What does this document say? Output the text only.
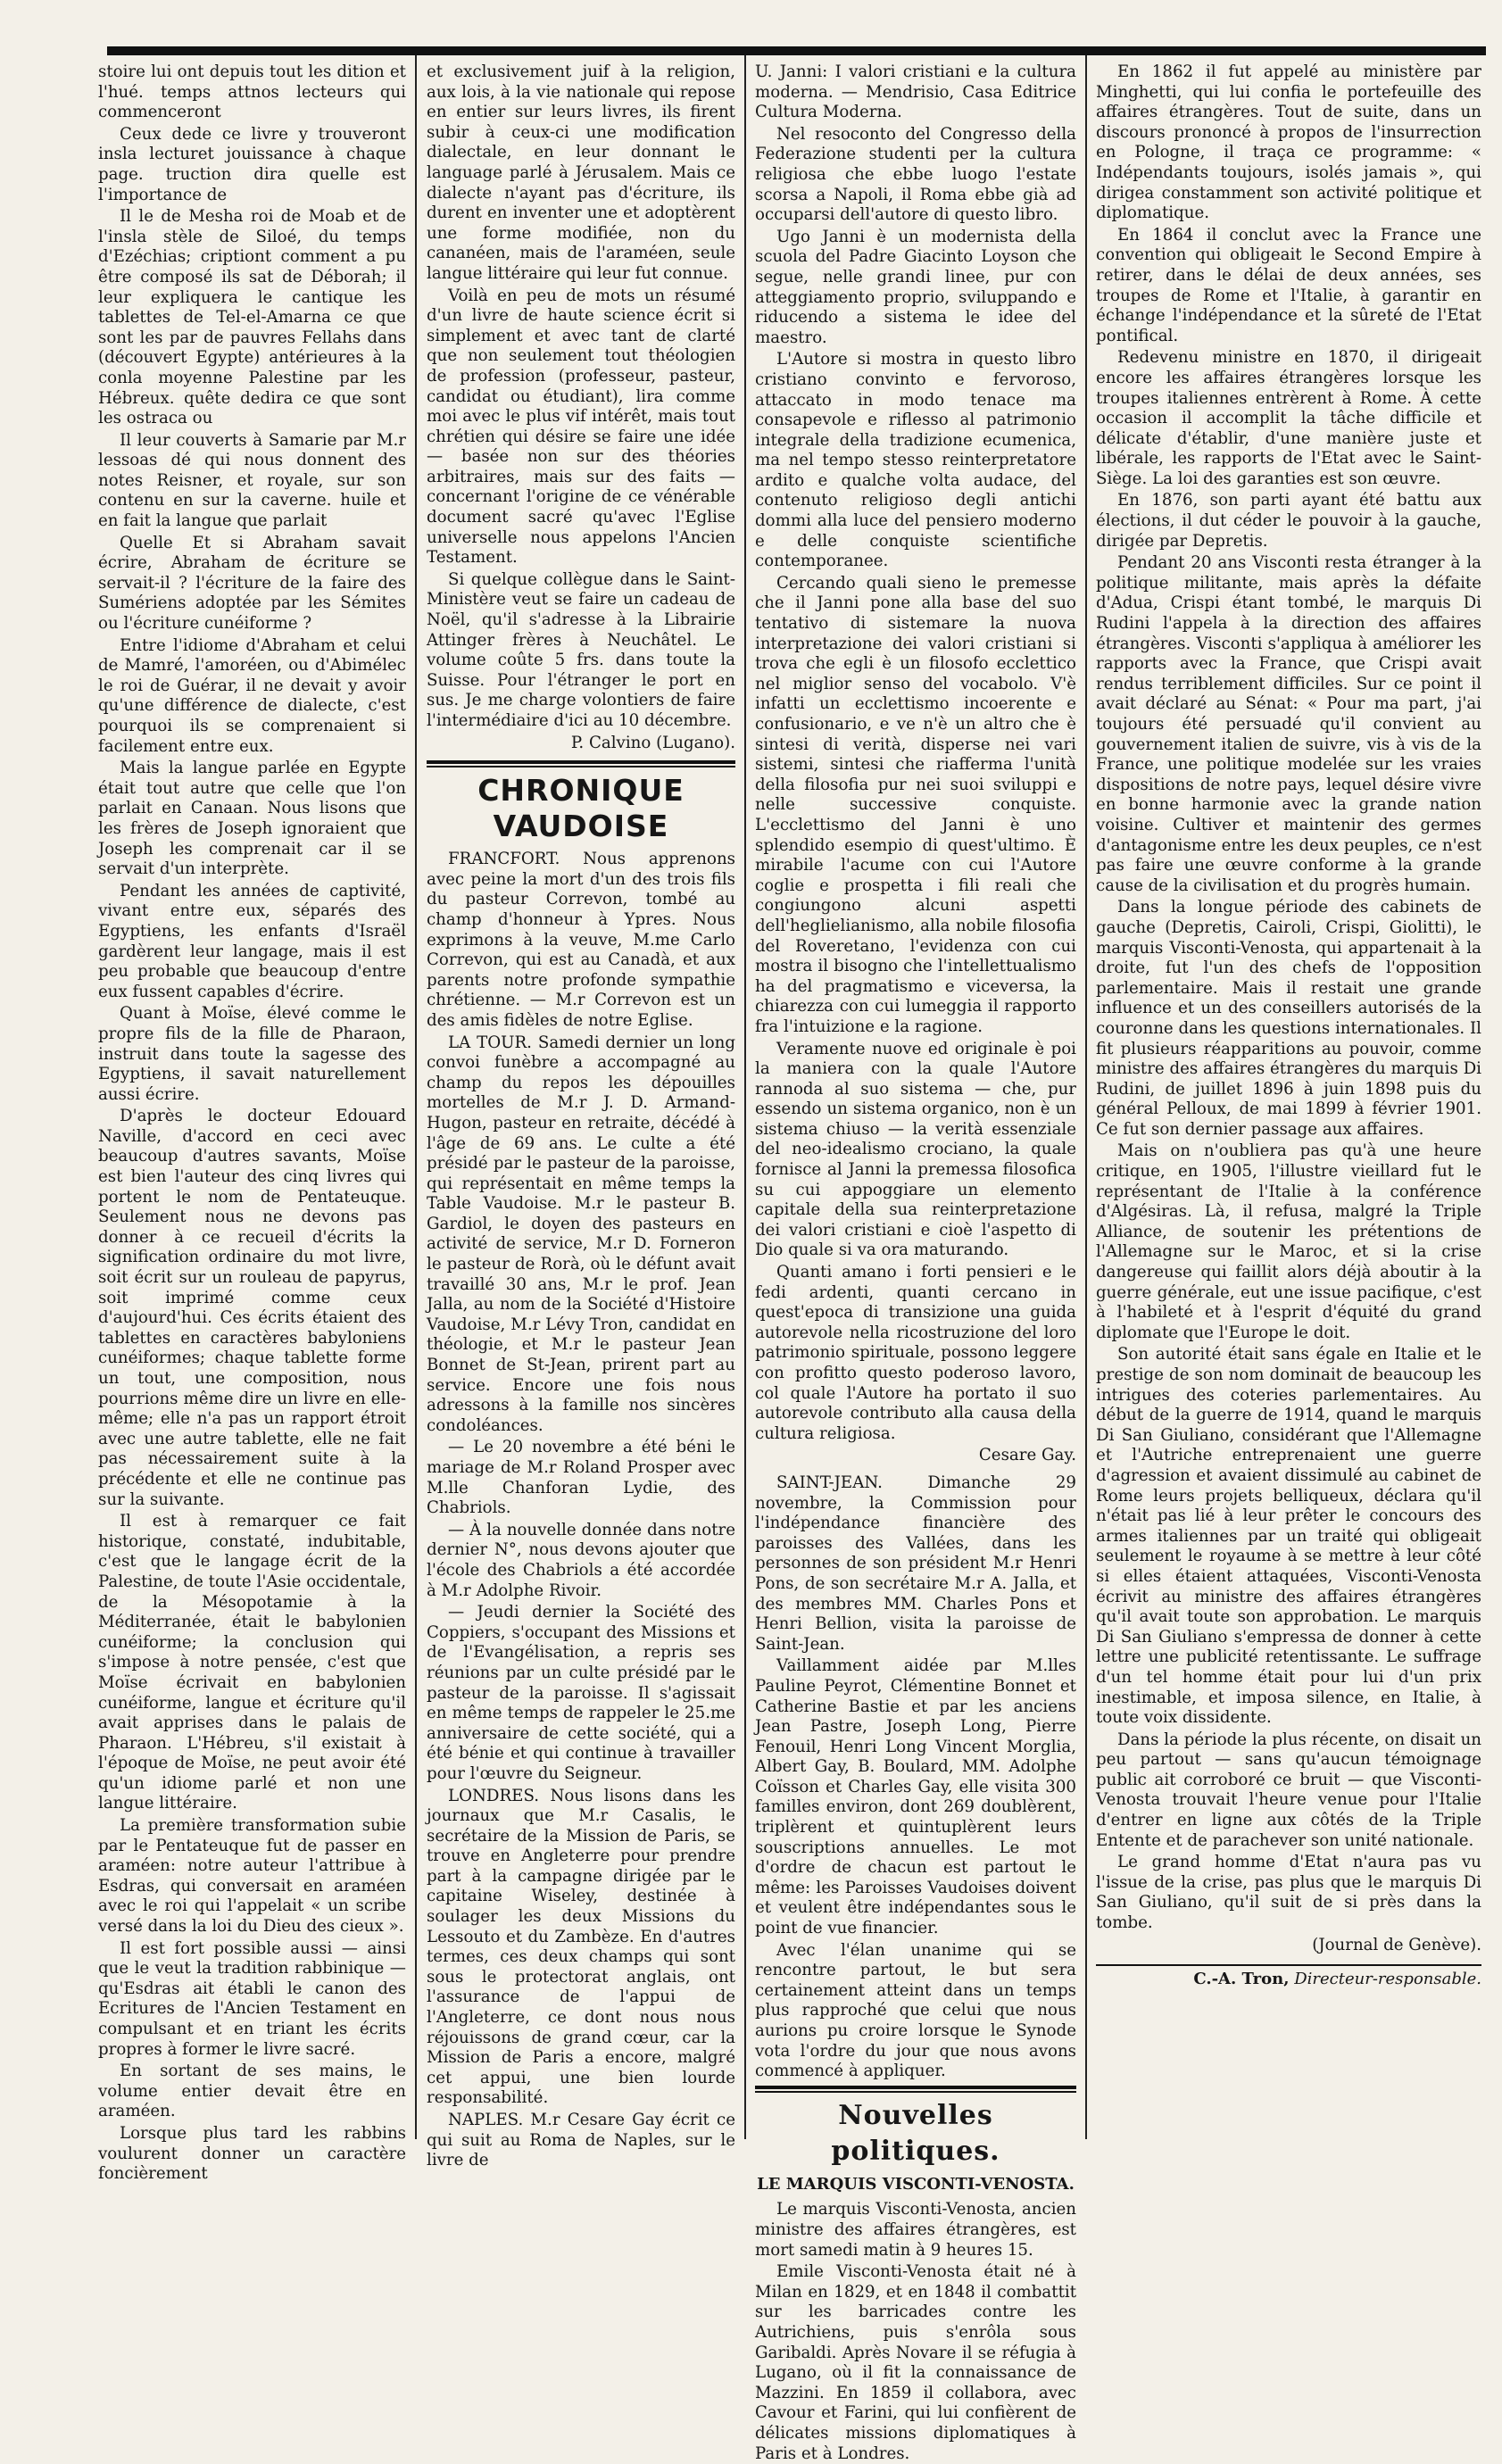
stoire lui ont depuis tout les dition et l'hué. temps attnos lecteurs qui commenceront

Ceux dede ce livre y trouveront insla lecturet jouissance à chaque page. truction dira quelle est l'importance de

Il le de Mesha roi de Moab et de l'insla stèle de Siloé, du temps d'Ezéchias; criptiont comment a pu être composé ils sat de Déborah; il leur expliquera le cantique les tablettes de Tel-el-Amarna ce que sont les par de pauvres Fellahs dans (découvert Egypte) antérieures à la conla moyenne Palestine par les Hébreux. quête dedira ce que sont les ostraca ou

Il leur couverts à Samarie par M.r lessoas dé qui nous donnent des notes Reisner, et royale, sur son contenu en sur la caverne. huile et en fait la langue que parlait

Quelle Et si Abraham savait écrire, Abraham de écriture se servait-il ? l'écriture de la faire des Sumériens adoptée par les Sémites ou l'écriture cunéiforme ?

Entre l'idiome d'Abraham et celui de Mamré, l'amoréen, ou d'Abimélec le roi de Guérar, il ne devait y avoir qu'une différence de dialecte, c'est pourquoi ils se comprenaient si facilement entre eux.

Mais la langue parlée en Egypte était tout autre que celle que l'on parlait en Canaan. Nous lisons que les frères de Joseph ignoraient que Joseph les comprenait car il se servait d'un interprète.

Pendant les années de captivité, vivant entre eux, séparés des Egyptiens, les enfants d'Israël gardèrent leur langage, mais il est peu probable que beaucoup d'entre eux fussent capables d'écrire.

Quant à Moïse, élevé comme le propre fils de la fille de Pharaon, instruit dans toute la sagesse des Egyptiens, il savait naturellement aussi écrire.

D'après le docteur Edouard Naville, d'accord en ceci avec beaucoup d'autres savants, Moïse est bien l'auteur des cinq livres qui portent le nom de Pentateuque. Seulement nous ne devons pas donner à ce recueil d'écrits la signification ordinaire du mot livre, soit écrit sur un rouleau de papyrus, soit imprimé comme ceux d'aujourd'hui. Ces écrits étaient des tablettes en caractères babyloniens cunéiformes; chaque tablette forme un tout, une composition, nous pourrions même dire un livre en elle-même; elle n'a pas un rapport étroit avec une autre tablette, elle ne fait pas nécessairement suite à la précédente et elle ne continue pas sur la suivante.

Il est à remarquer ce fait historique, constaté, indubitable, c'est que le langage écrit de la Palestine, de toute l'Asie occidentale, de la Mésopotamie à la Méditerranée, était le babylonien cunéiforme; la conclusion qui s'impose à notre pensée, c'est que Moïse écrivait en babylonien cunéiforme, langue et écriture qu'il avait apprises dans le palais de Pharaon. L'Hébreu, s'il existait à l'époque de Moïse, ne peut avoir été qu'un idiome parlé et non une langue littéraire.

La première transformation subie par le Pentateuque fut de passer en araméen: notre auteur l'attribue à Esdras, qui conversait en araméen avec le roi qui l'appelait « un scribe versé dans la loi du Dieu des cieux ».

Il est fort possible aussi — ainsi que le veut la tradition rabbinique — qu'Esdras ait établi le canon des Ecritures de l'Ancien Testament en compulsant et en triant les écrits propres à former le livre sacré.

En sortant de ses mains, le volume entier devait être en araméen.

Lorsque plus tard les rabbins voulurent donner un caractère foncièrement

et exclusivement juif à la religion, aux lois, à la vie nationale qui repose en entier sur leurs livres, ils firent subir à ceux-ci une modification dialectale, en leur donnant le language parlé à Jérusalem. Mais ce dialecte n'ayant pas d'écriture, ils durent en inventer une et adoptèrent une forme modifiée, non du cananéen, mais de l'araméen, seule langue littéraire qui leur fut connue.

Voilà en peu de mots un résumé d'un livre de haute science écrit si simplement et avec tant de clarté que non seulement tout théologien de profession (professeur, pasteur, candidat ou étudiant), lira comme moi avec le plus vif intérêt, mais tout chrétien qui désire se faire une idée — basée non sur des théories arbitraires, mais sur des faits — concernant l'origine de ce vénérable document sacré qu'avec l'Eglise universelle nous appelons l'Ancien Testament.

Si quelque collègue dans le Saint-Ministère veut se faire un cadeau de Noël, qu'il s'adresse à la Librairie Attinger frères à Neuchâtel. Le volume coûte 5 frs. dans toute la Suisse. Pour l'étranger le port en sus. Je me charge volontiers de faire l'intermédiaire d'ici au 10 décembre.

P. Calvino (Lugano).

CHRONIQUE VAUDOISE

FRANCFORT. Nous apprenons avec peine la mort d'un des trois fils du pasteur Correvon, tombé au champ d'honneur à Ypres. Nous exprimons à la veuve, M.me Carlo Correvon, qui est au Canadà, et aux parents notre profonde sympathie chrétienne. — M.r Correvon est un des amis fidèles de notre Eglise.

LA TOUR. Samedi dernier un long convoi funèbre a accompagné au champ du repos les dépouilles mortelles de M.r J. D. Armand-Hugon, pasteur en retraite, décédé à l'âge de 69 ans. Le culte a été présidé par le pasteur de la paroisse, qui représentait en même temps la Table Vaudoise. M.r le pasteur B. Gardiol, le doyen des pasteurs en activité de service, M.r D. Forneron le pasteur de Rorà, où le défunt avait travaillé 30 ans, M.r le prof. Jean Jalla, au nom de la Société d'Histoire Vaudoise, M.r Lévy Tron, candidat en théologie, et M.r le pasteur Jean Bonnet de St-Jean, prirent part au service. Encore une fois nous adressons à la famille nos sincères condoléances.

— Le 20 novembre a été béni le mariage de M.r Roland Prosper avec M.lle Chanforan Lydie, des Chabriols.

— À la nouvelle donnée dans notre dernier N°, nous devons ajouter que l'école des Chabriols a été accordée à M.r Adolphe Rivoir.

— Jeudi dernier la Société des Coppiers, s'occupant des Missions et de l'Evangélisation, a repris ses réunions par un culte présidé par le pasteur de la paroisse. Il s'agissait en même temps de rappeler le 25.me anniversaire de cette société, qui a été bénie et qui continue à travailler pour l'œuvre du Seigneur.

LONDRES. Nous lisons dans les journaux que M.r Casalis, le secrétaire de la Mission de Paris, se trouve en Angleterre pour prendre part à la campagne dirigée par le capitaine Wiseley, destinée à soulager les deux Missions du Lessouto et du Zambèze. En d'autres termes, ces deux champs qui sont sous le protectorat anglais, ont l'assurance de l'appui de l'Angleterre, ce dont nous nous réjouissons de grand cœur, car la Mission de Paris a encore, malgré cet appui, une bien lourde responsabilité.

NAPLES. M.r Cesare Gay écrit ce qui suit au Roma de Naples, sur le livre de

U. Janni: I valori cristiani e la cultura moderna. — Mendrisio, Casa Editrice Cultura Moderna.

Nel resoconto del Congresso della Federazione studenti per la cultura religiosa che ebbe luogo l'estate scorsa a Napoli, il Roma ebbe già ad occuparsi dell'autore di questo libro.

Ugo Janni è un modernista della scuola del Padre Giacinto Loyson che segue, nelle grandi linee, pur con atteggiamento proprio, sviluppando e riducendo a sistema le idee del maestro.

L'Autore si mostra in questo libro cristiano convinto e fervoroso, attaccato in modo tenace ma consapevole e riflesso al patrimonio integrale della tradizione ecumenica, ma nel tempo stesso reinterpretatore ardito e qualche volta audace, del contenuto religioso degli antichi dommi alla luce del pensiero moderno e delle conquiste scientifiche contemporanee.

Cercando quali sieno le premesse che il Janni pone alla base del suo tentativo di sistemare la nuova interpretazione dei valori cristiani si trova che egli è un filosofo ecclettico nel miglior senso del vocabolo. V'è infatti un ecclettismo incoerente e confusionario, e ve n'è un altro che è sintesi di verità, disperse nei vari sistemi, sintesi che riafferma l'unità della filosofia pur nei suoi sviluppi e nelle successive conquiste. L'ecclettismo del Janni è uno splendido esempio di quest'ultimo. È mirabile l'acume con cui l'Autore coglie e prospetta i fili reali che congiungono alcuni aspetti dell'heglielianismo, alla nobile filosofia del Roveretano, l'evidenza con cui mostra il bisogno che l'intellettualismo ha del pragmatismo e viceversa, la chiarezza con cui lumeggia il rapporto fra l'intuizione e la ragione.

Veramente nuove ed originale è poi la maniera con la quale l'Autore rannoda al suo sistema — che, pur essendo un sistema organico, non è un sistema chiuso — la verità essenziale del neo-idealismo crociano, la quale fornisce al Janni la premessa filosofica su cui appoggiare un elemento capitale della sua reinterpretazione dei valori cristiani e cioè l'aspetto di Dio quale si va ora maturando.

Quanti amano i forti pensieri e le fedi ardenti, quanti cercano in quest'epoca di transizione una guida autorevole nella ricostruzione del loro patrimonio spirituale, possono leggere con profitto questo poderoso lavoro, col quale l'Autore ha portato il suo autorevole contributo alla causa della cultura religiosa.

Cesare Gay.

SAINT-JEAN. Dimanche 29 novembre, la Commission pour l'indépendance financière des paroisses des Vallées, dans les personnes de son président M.r Henri Pons, de son secrétaire M.r A. Jalla, et des membres MM. Charles Pons et Henri Bellion, visita la paroisse de Saint-Jean.

Vaillamment aidée par M.lles Pauline Peyrot, Clémentine Bonnet et Catherine Bastie et par les anciens Jean Pastre, Joseph Long, Pierre Fenouil, Henri Long Vincent Morglia, Albert Gay, B. Boulard, MM. Adolphe Coïsson et Charles Gay, elle visita 300 familles environ, dont 269 doublèrent, triplèrent et quintuplèrent leurs souscriptions annuelles. Le mot d'ordre de chacun est partout le même: les Paroisses Vaudoises doivent et veulent être indépendantes sous le point de vue financier.

Avec l'élan unanime qui se rencontre partout, le but sera certainement atteint dans un temps plus rapproché que celui que nous aurions pu croire lorsque le Synode vota l'ordre du jour que nous avons commencé à appliquer.

Nouvelles politiques.
LE MARQUIS VISCONTI-VENOSTA.

Le marquis Visconti-Venosta, ancien ministre des affaires étrangères, est mort samedi matin à 9 heures 15.

Emile Visconti-Venosta était né à Milan en 1829, et en 1848 il combattit sur les barricades contre les Autrichiens, puis s'enrôla sous Garibaldi. Après Novare il se réfugia à Lugano, où il fit la connaissance de Mazzini. En 1859 il collabora, avec Cavour et Farini, qui lui confièrent de délicates missions diplomatiques à Paris et à Londres.

En 1862 il fut appelé au ministère par Minghetti, qui lui confia le portefeuille des affaires étrangères. Tout de suite, dans un discours prononcé à propos de l'insurrection en Pologne, il traça ce programme: « Indépendants toujours, isolés jamais », qui dirigea constamment son activité politique et diplomatique.

En 1864 il conclut avec la France une convention qui obligeait le Second Empire à retirer, dans le délai de deux années, ses troupes de Rome et l'Italie, à garantir en échange l'indépendance et la sûreté de l'Etat pontifical.

Redevenu ministre en 1870, il dirigeait encore les affaires étrangères lorsque les troupes italiennes entrèrent à Rome. À cette occasion il accomplit la tâche difficile et délicate d'établir, d'une manière juste et libérale, les rapports de l'Etat avec le Saint-Siège. La loi des garanties est son œuvre.

En 1876, son parti ayant été battu aux élections, il dut céder le pouvoir à la gauche, dirigée par Depretis.

Pendant 20 ans Visconti resta étranger à la politique militante, mais après la défaite d'Adua, Crispi étant tombé, le marquis Di Rudini l'appela à la direction des affaires étrangères. Visconti s'appliqua à améliorer les rapports avec la France, que Crispi avait rendus terriblement difficiles. Sur ce point il avait déclaré au Sénat: « Pour ma part, j'ai toujours été persuadé qu'il convient au gouvernement italien de suivre, vis à vis de la France, une politique modelée sur les vraies dispositions de notre pays, lequel désire vivre en bonne harmonie avec la grande nation voisine. Cultiver et maintenir des germes d'antagonisme entre les deux peuples, ce n'est pas faire une œuvre conforme à la grande cause de la civilisation et du progrès humain.

Dans la longue période des cabinets de gauche (Depretis, Cairoli, Crispi, Giolitti), le marquis Visconti-Venosta, qui appartenait à la droite, fut l'un des chefs de l'opposition parlementaire. Mais il restait une grande influence et un des conseillers autorisés de la couronne dans les questions internationales. Il fit plusieurs réapparitions au pouvoir, comme ministre des affaires étrangères du marquis Di Rudini, de juillet 1896 à juin 1898 puis du général Pelloux, de mai 1899 à février 1901. Ce fut son dernier passage aux affaires.

Mais on n'oubliera pas qu'à une heure critique, en 1905, l'illustre vieillard fut le représentant de l'Italie à la conférence d'Algésiras. Là, il refusa, malgré la Triple Alliance, de soutenir les prétentions de l'Allemagne sur le Maroc, et si la crise dangereuse qui faillit alors déjà aboutir à la guerre générale, eut une issue pacifique, c'est à l'habileté et à l'esprit d'équité du grand diplomate que l'Europe le doit.

Son autorité était sans égale en Italie et le prestige de son nom dominait de beaucoup les intrigues des coteries parlementaires. Au début de la guerre de 1914, quand le marquis Di San Giuliano, considérant que l'Allemagne et l'Autriche entreprenaient une guerre d'agression et avaient dissimulé au cabinet de Rome leurs projets belliqueux, déclara qu'il n'était pas lié à leur prêter le concours des armes italiennes par un traité qui obligeait seulement le royaume à se mettre à leur côté si elles étaient attaquées, Visconti-Venosta écrivit au ministre des affaires étrangères qu'il avait toute son approbation. Le marquis Di San Giuliano s'empressa de donner à cette lettre une publicité retentissante. Le suffrage d'un tel homme était pour lui d'un prix inestimable, et imposa silence, en Italie, à toute voix dissidente.

Dans la période la plus récente, on disait un peu partout — sans qu'aucun témoignage public ait corroboré ce bruit — que Visconti-Venosta trouvait l'heure venue pour l'Italie d'entrer en ligne aux côtés de la Triple Entente et de parachever son unité nationale.

Le grand homme d'Etat n'aura pas vu l'issue de la crise, pas plus que le marquis Di San Giuliano, qu'il suit de si près dans la tombe.

(Journal de Genève).

C.-A. Tron, Directeur-responsable.
